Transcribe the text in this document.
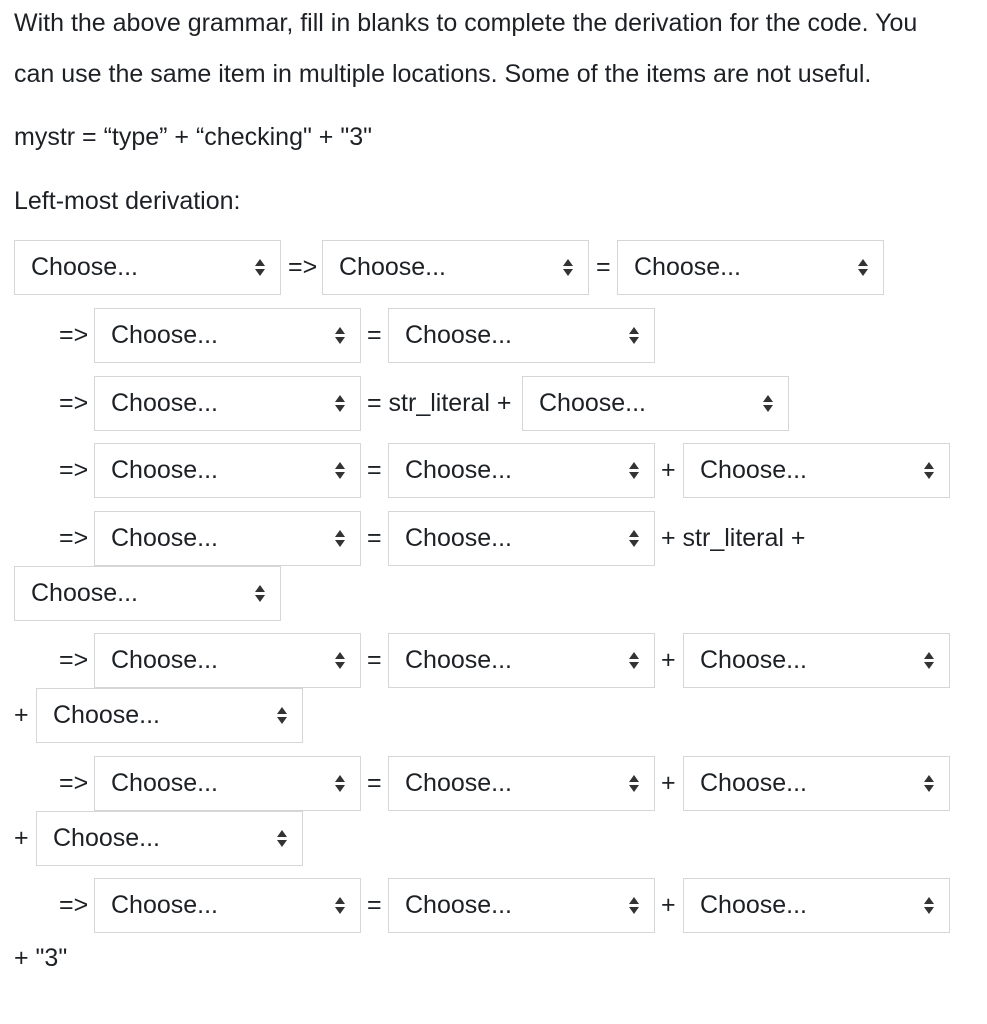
With the above grammar, fill in blanks to complete the derivation for the code. You
can use the same item in multiple locations. Some of the items are not useful.

mystr = “type” + “checking" + "3"
Left-most derivation:
Choose...	=> Choose...	= Choose...
=> Choose...	= Choose...
=> Choose...	= str_literal +	Choose...
=> Choose...	= Choose...	+ Choose...
=> Choose...	= Choose...	+ str_literal +
Choose...
=> Choose...	= Choose...	+ Choose...
+ Choose...
=> Choose...	= Choose...	+ Choose...
+ Choose...
=> Choose...	= Choose...	+ Choose...
+ "3"
